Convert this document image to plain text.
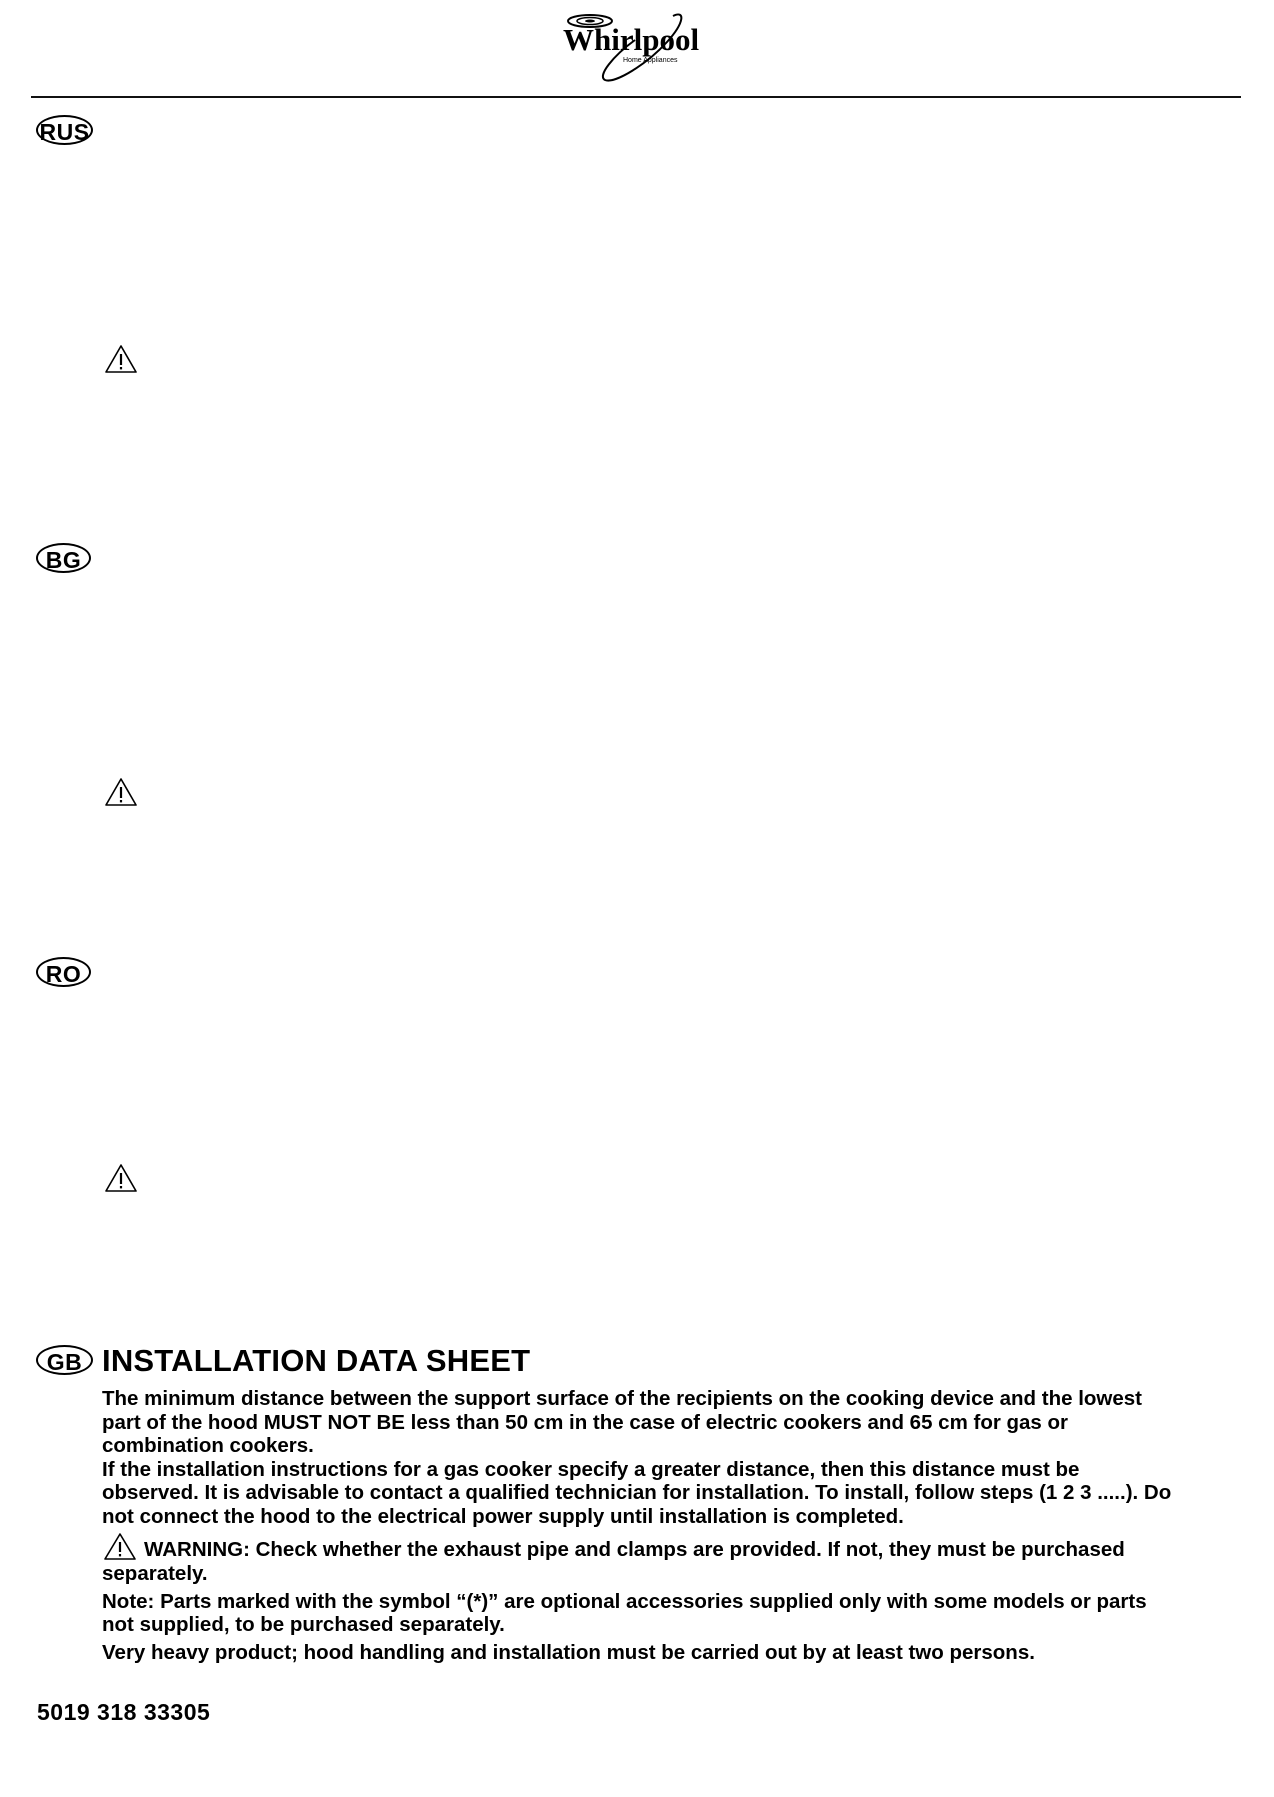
Whirlpool
Home Appliances
RUS
BG
RO
GB INSTALLATION DATA SHEET

The minimum distance between the support surface of the recipients on the cooking device and the lowest part of the hood MUST NOT BE less than 50 cm in the case of electric cookers and 65 cm for gas or combination cookers.

If the installation instructions for a gas cooker specify a greater distance, then this distance must be observed. It is advisable to contact a qualified technician for installation. To install, follow steps (1 2 3 .....). Do not connect the hood to the electrical power supply until installation is completed.

WARNING: Check whether the exhaust pipe and clamps are provided. If not, they must be purchased separately.

Note: Parts marked with the symbol “(*)” are optional accessories supplied only with some models or parts not supplied, to be purchased separately.

Very heavy product; hood handling and installation must be carried out by at least two persons.

5019 318 33305
